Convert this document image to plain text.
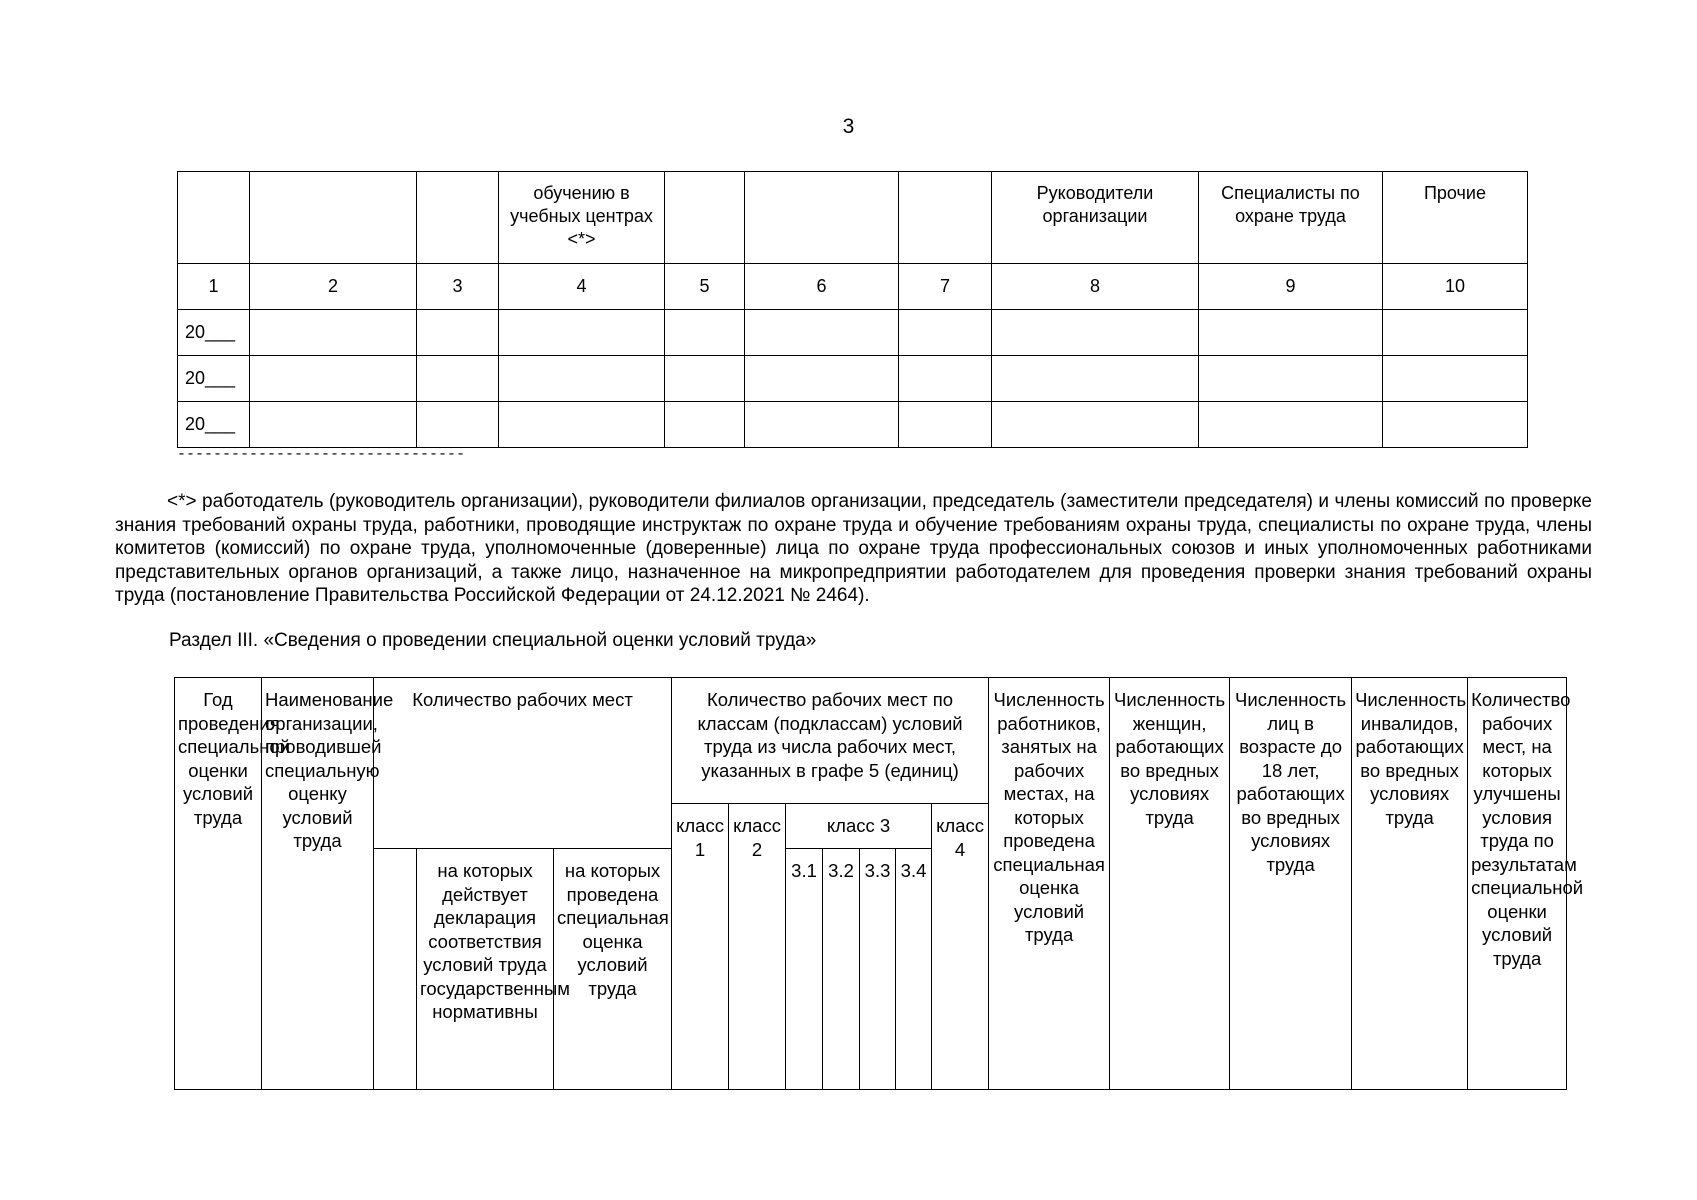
3
			обучению в учебных центрах <*>				Руководители организации	Специалисты по охране труда	Прочие
1	2	3	4	5	6	7	8	9	10
20___									
20___									
20___									
--------------------------------
<*> работодатель (руководитель организации), руководители филиалов организации, председатель (заместители председателя) и члены комиссий по проверке знания требований охраны труда, работники, проводящие инструктаж по охране труда и обучение требованиям охраны труда, специалисты по охране труда, члены комитетов (комиссий) по охране труда, уполномоченные (доверенные) лица по охране труда профессиональных союзов и иных уполномоченных работниками представительных органов организаций, а также лицо, назначенное на микропредприятии работодателем для проведения проверки знания требований охраны труда (постановление Правительства Российской Федерации от 24.12.2021 № 2464).
Раздел III. «Сведения о проведении специальной оценки условий труда»
Год проведения специальной оценки условий труда	Наименование организации, проводившей специальную оценку условий труда	Количество рабочих мест			Количество рабочих мест по классам (подклассам) условий труда из числа рабочих мест, указанных в графе 5 (единиц)							Численность работников, занятых на рабочих местах, на которых проведена специальная оценка условий труда	Численность женщин, работающих во вредных условиях труда	Численность лиц в возрасте до 18 лет, работающих во вредных условиях труда	Численность инвалидов, работающих во вредных условиях труда	Количество рабочих мест, на которых улучшены условия труда по результатам специальной оценки условий труда
					класс 1	класс 2	класс 3				класс 4					
			на которых действует декларация соответствия условий труда государственным нормативны	на которых проведена специальная оценка условий труда			3.1	3.2	3.3	3.4						
